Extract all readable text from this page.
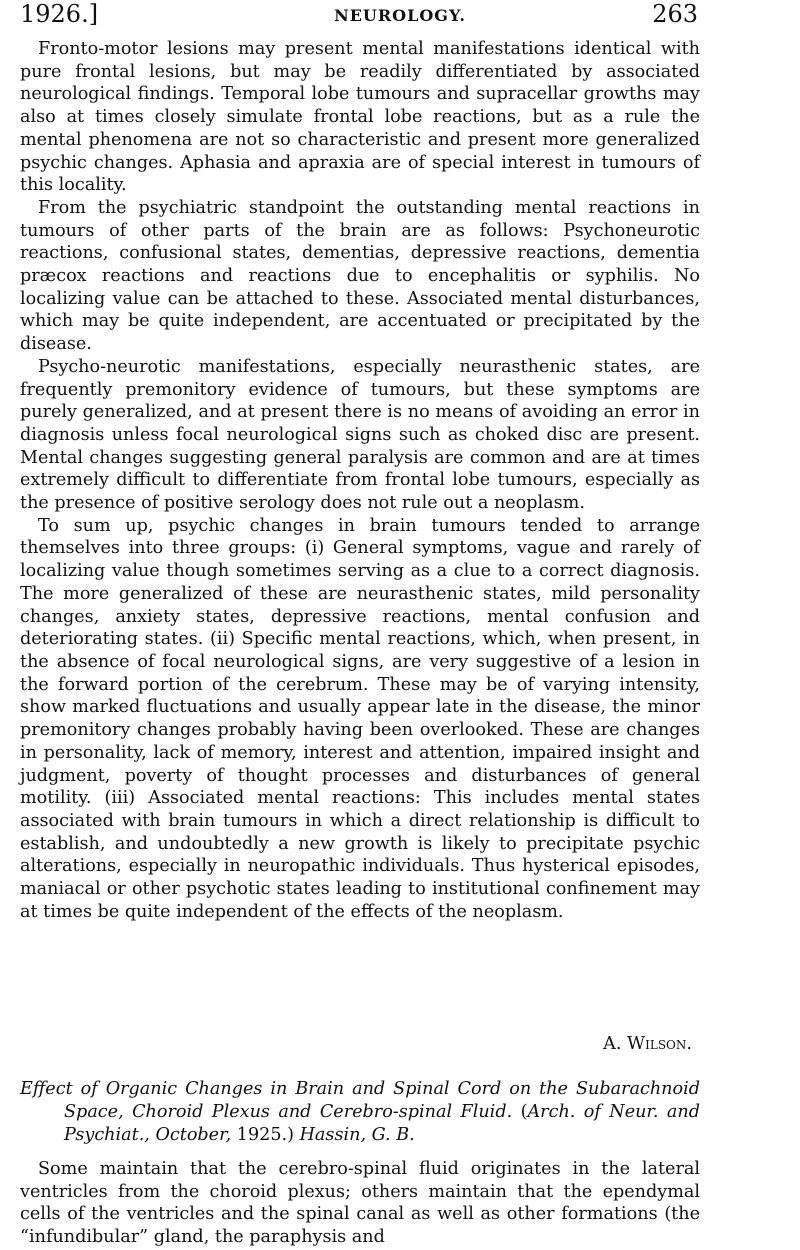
1926.]	NEUROLOGY.	263

Fronto-motor lesions may present mental manifestations identical with pure frontal lesions, but may be readily differentiated by associated neurological findings. Temporal lobe tumours and supracellar growths may also at times closely simulate frontal lobe reactions, but as a rule the mental phenomena are not so characteristic and present more generalized psychic changes. Aphasia and apraxia are of special interest in tumours of this locality.

From the psychiatric standpoint the outstanding mental reactions in tumours of other parts of the brain are as follows: Psychoneurotic reactions, confusional states, dementias, depressive reactions, dementia præcox reactions and reactions due to encephalitis or syphilis. No localizing value can be attached to these. Associated mental disturbances, which may be quite independent, are accentuated or precipitated by the disease.

Psycho-neurotic manifestations, especially neurasthenic states, are frequently premonitory evidence of tumours, but these symptoms are purely generalized, and at present there is no means of avoiding an error in diagnosis unless focal neurological signs such as choked disc are present. Mental changes suggesting general paralysis are common and are at times extremely difficult to differentiate from frontal lobe tumours, especially as the presence of positive serology does not rule out a neoplasm.

To sum up, psychic changes in brain tumours tended to arrange themselves into three groups: (i) General symptoms, vague and rarely of localizing value though sometimes serving as a clue to a correct diagnosis. The more generalized of these are neurasthenic states, mild personality changes, anxiety states, depressive reactions, mental confusion and deteriorating states. (ii) Specific mental reactions, which, when present, in the absence of focal neurological signs, are very suggestive of a lesion in the forward portion of the cerebrum. These may be of varying intensity, show marked fluctuations and usually appear late in the disease, the minor premonitory changes probably having been overlooked. These are changes in personality, lack of memory, interest and attention, impaired insight and judgment, poverty of thought processes and disturbances of general motility. (iii) Associated mental reactions: This includes mental states associated with brain tumours in which a direct relationship is difficult to establish, and undoubtedly a new growth is likely to precipitate psychic alterations, especially in neuropathic individuals. Thus hysterical episodes, maniacal or other psychotic states leading to institutional confinement may at times be quite independent of the effects of the neoplasm.

A. Wilson.
Effect of Organic Changes in Brain and Spinal Cord on the Subarachnoid Space, Choroid Plexus and Cerebro-spinal Fluid. (Arch. of Neur. and Psychiat., October, 1925.) Hassin, G. B.

Some maintain that the cerebro-spinal fluid originates in the lateral ventricles from the choroid plexus; others maintain that the ependymal cells of the ventricles and the spinal canal as well as other formations (the “infundibular” gland, the paraphysis and
